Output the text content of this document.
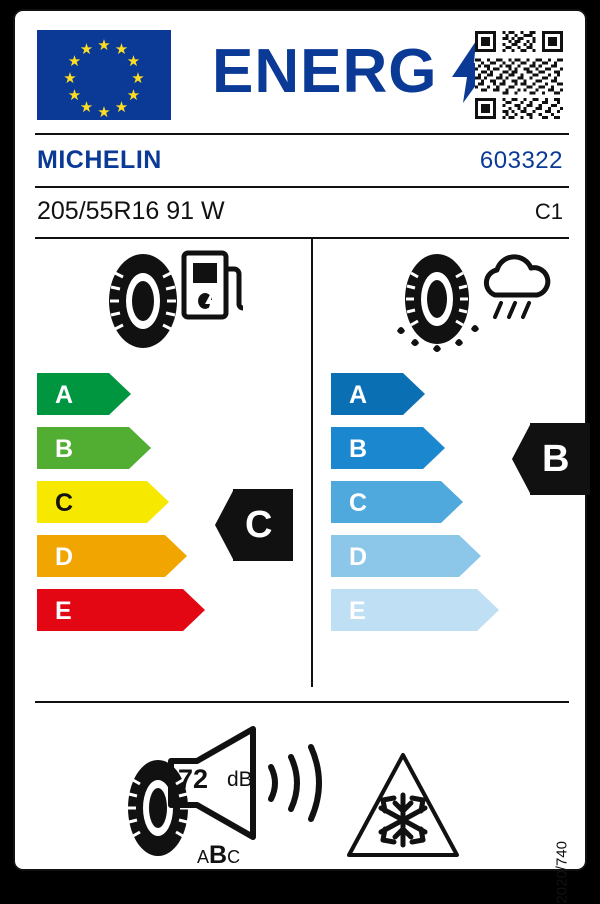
★ ★
★
★
★
★
★
★
★
★
★
★ ENERG
MICHELIN	603322
205/55R16 91 W	C1
A
B
C
D
E
C
A
B
C
D
E
B
72 dB
ABC	2020/740
